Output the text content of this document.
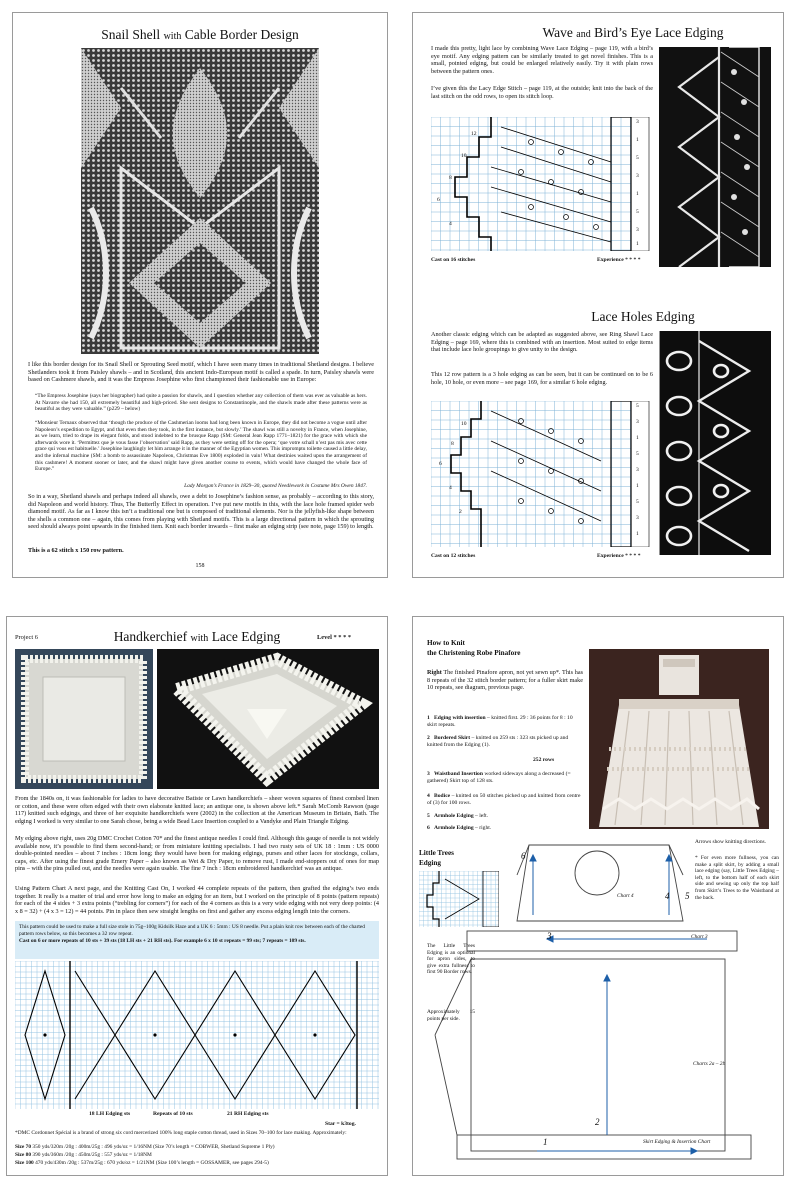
Snail Shell with Cable Border Design
I like this border design for its Snail Shell or Sprouting Seed motif, which I have seen many times in traditional Shetland designs. I believe Shetlanders took it from Paisley shawls – and in Scotland, this ancient Indo-European motif is called a spade. In turn, Paisley shawls were based on Cashmere shawls, and it was the Empress Josephine who first championed their fashionable use in Europe:
“The Empress Josephine (says her biographer) had quite a passion for shawls, and I question whether any collection of them was ever as valuable as hers. At Navarre she had 150, all extremely beautiful and high-priced. She sent designs to Constantinople, and the shawls made after these patterns were as beautiful as they were valuable.” (p229 – below)
“Monsieur Ternaux observed that ‘though the produce of the Cashmerian looms had long been known in Europe, they did not become a vogue until after Napoleon’s expedition to Egypt, and that even then they took, in the first instance, but slowly.’ The shawl was still a novelty in France, when Josephine, as we learn, tried to drape its elegant folds, and stood indebted to the brusque Rapp (SM: General Jean Rapp 1771–1821) for the grace with which she afterwards wore it. ‘Permittez que je vous fasse l’observation’ said Rapp, as they were setting off for the opera; ‘que votre schall n’est pas mis avec cette grace qui vous est habituelle.’ Josephine laughingly let him arrange it in the manner of the Egyptian women. This impromptu toilette caused a little delay, and the infernal machine (SM: a bomb to assassinate Napoleon, Christmas Eve 1800) exploded in vain! What destinies waited upon the arrangement of this cashmere! A moment sooner or later, and the shawl might have given another course to events, which would have changed the whole face of Europe.”
Lady Morgan’s France in 1829–30, quoted Needlework in Costume Mrs Owen 1847.
So in a way, Shetland shawls and perhaps indeed all shawls, owe a debt to Josephine’s fashion sense, as probably – according to this story, did Napoleon and world history. Thus, The Butterfly Effect in operation. I’ve put new motifs in this, with the lace hole framed spider web diamond motif. As far as I know this isn’t a traditional one but is composed of traditional elements. Nor is the jellyfish-like shape between the shells a common one – again, this comes from playing with Shetland motifs. This is a large directional pattern in which the sprouting seed should always point upwards in the finished item. Knit each border inwards – first make an edging strip (see note, page 159) to length.
This is a 62 stitch x 150 row pattern.
158
Wave and Bird’s Eye Lace Edging
I made this pretty, light lace by combining Wave Lace Edging – page 119, with a bird’s eye motif. Any edging pattern can be similarly treated to get novel finishes. This is a small, pointed edging, but could be enlarged relatively easily. Try it with plain rows between the pattern ones.
I’ve given this the Lacy Edge Stitch – page 119, at the outside; knit into the back of the last stitch on the odd rows, to open its stitch loop.
3
1
5
3
1
5
3
1
12
10
8
6
4
Cast on 16 stitches	Experience * * * *
Lace Holes Edging
Another classic edging which can be adapted as suggested above, see Ring Shawl Lace Edging – page 169, where this is combined with an insertion. Most suited to edge items that include lace hole groupings to give unity to the design.
This 12 row pattern is a 3 hole edging as can be seen, but it can be continued on to be 6 hole, 10 hole, or even more – see page 169, for a similar 6 hole edging.
5
3
1
5
3
1
5
3
1
10
8
6
4
2
Cast on 12 stitches	Experience * * * *
Project 6	Handkerchief with Lace Edging	Level * * * *
From the 1840s on, it was fashionable for ladies to have decorative Batiste or Lawn handkerchiefs – sheer woven squares of finest combed linen or cotton, and these were often edged with their own elaborate knitted lace; an antique one, is shown above left.* Sarah McComb Rawson (page 117) knitted such edgings, and three of her exquisite handkerchiefs were (2002) in the collection at the American Museum in Britain, Bath. The edging I worked is very similar to one Sarah chose, being a wide Bead Lace Insertion coupled to a Vandyke and Plain Triangle Edging.
My edging above right, uses 20g DMC Crochet Cotton 70* and the finest antique needles I could find. Although this gauge of needle is not widely available now, it’s possible to find them second-hand; or from miniature knitting specialists. I had two rusty sets of UK 18 : 1mm : US 0000 double-pointed needles – about 7 inches : 18cm long; they would have been for making edgings, purses and other laces for stockings, collars, caps, etc. After using the finest grade Emery Paper – also known as Wet & Dry Paper, to remove rust, I made end-stoppers out of ones for map pins – with the pins pulled out, and the needles were again usable. The fine 7 inch : 18cm embroidered handkerchief was an antique.
Using Pattern Chart A next page, and the Knitting Cast On, I worked 44 complete repeats of the pattern, then grafted the edging’s two ends together. It really is a matter of trial and error how long to make an edging for an item, but I worked on the principle of 8 points (pattern repeats) for each of the 4 sides + 3 extra points (“trebling for corners”) for each of the 4 corners as this is a very wide edging with not very deep points: (4 x 8 = 32) + (4 x 3 = 12) = 44 points. Pin in place then sew straight lengths on first and gather any excess edging length into the corners.
This pattern could be used to make a full size stole in 75g–100g Kidsilk Haze and a UK 6 : 5mm : US 8 needle. Put a plain knit row between each of the charted pattern rows below, so this becomes a 32 row repeat.
Cast on 6 or more repeats of 10 sts + 39 sts (18 LH sts + 21 RH sts). For example 6 x 10 st repeats = 99 sts; 7 repeats = 109 sts.
18 LH Edging sts	Repeats of 10 sts	21 RH Edging sts
Star = k3tog.
*DMC Cordonnet Spécial is a brand of strong six cord mercerized 100% long staple cotton thread, used in Sizes 70–100 for lace making. Approximately:
Size 70 350 yds/320m /20g : 400m/25g : 496 yds/oz = 1/16NM (Size 70’s length = COBWEB, Shetland Supreme 1 Ply)
Size 80 390 yds/360m /20g : 450m/25g : 557 yds/oz = 1/18NM
Size 100 470 yds/430m /20g : 537m/25g : 670 yds/oz = 1/21NM (Size 100’s length = GOSSAMER, see pages 294-5)
How to Knit
the Christening Robe Pinafore
Right The finished Pinafore apron, not yet sewn up*. This has 8 repeats of the 32 stitch border pattern; for a fuller skirt make 10 repeats, see diagram, previous page.
1 Edging with insertion – knitted first. 29 : 36 points for 8 : 10 skirt repeats.
2 Bordered Skirt – knitted on 259 sts : 323 sts picked up and knitted from the Edging (1).
252 rows
3 Waistband Insertion worked sideways along a decreased (= gathered) Skirt top of 128 sts.
4 Bodice – knitted on 50 stitches picked up and knitted from centre of (3) for 100 rows.
5 Armhole Edging – left.
6 Armhole Edging – right.
Little Trees
Edging
6
Chart 4	4 5
3	Chart 3
Charts 2a – 2b
2
1	Skirt Edging & Insertion Chart
Arrows show knitting directions.
* For even more fullness, you can make a split skirt, by adding a small lace edging (say, Little Trees Edging – left, to the bottom half of each skirt side and sewing up only the top half from Skirt’s Trees to the Waistband at the back.
The Little Trees Edging is an optional for apron sides, to give extra fullness to first 90 Border rows.
Approximately 15 points per side.
